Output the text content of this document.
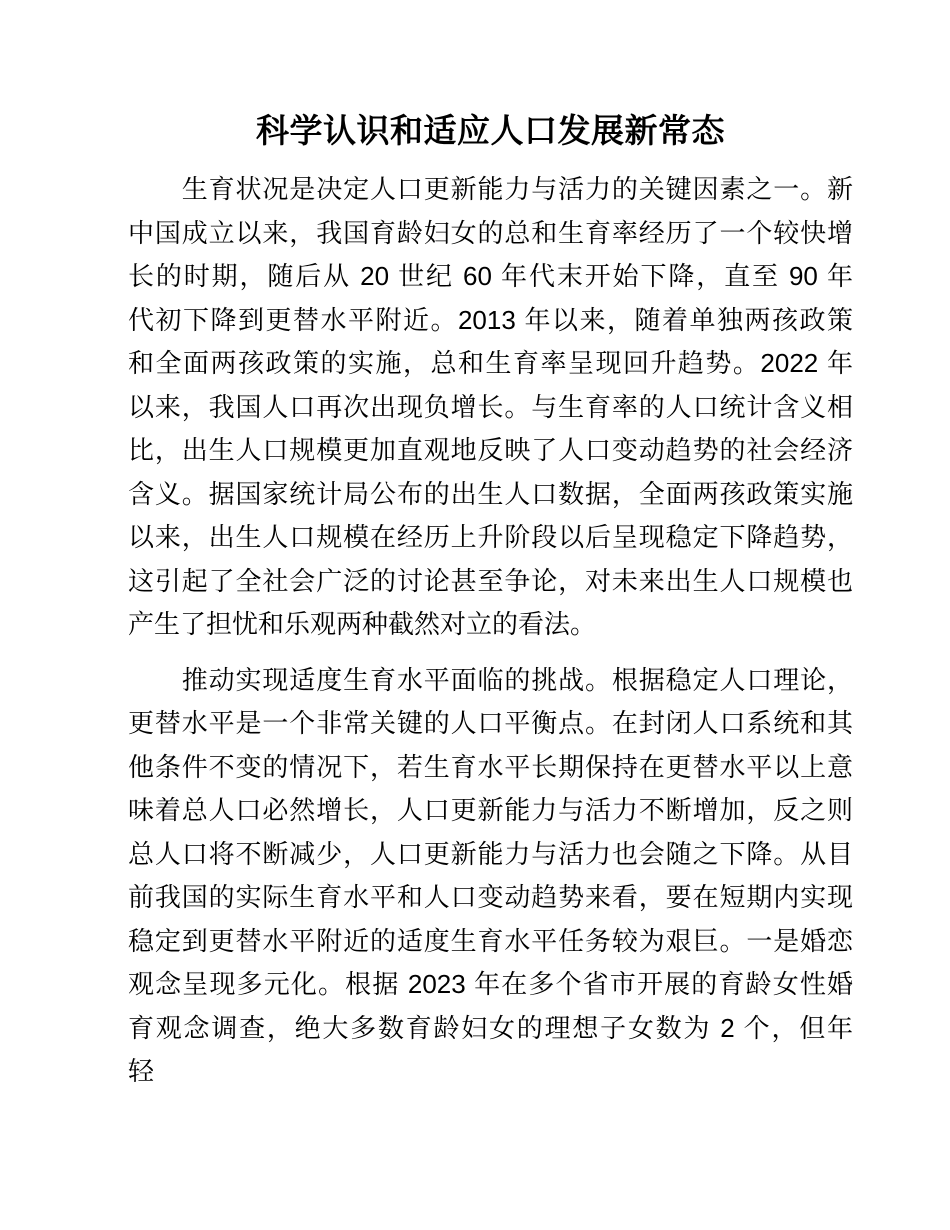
科学认识和适应人口发展新常态
　　生育状况是决定人口更新能力与活力的关键因素之一。新
中国成立以来，我国育龄妇女的总和生育率经历了一个较快增
长的时期，随后从 20 世纪 60 年代末开始下降，直至 90 年
代初下降到更替水平附近。2013 年以来，随着单独两孩政策
和全面两孩政策的实施，总和生育率呈现回升趋势。2022 年
以来，我国人口再次出现负增长。与生育率的人口统计含义相
比，出生人口规模更加直观地反映了人口变动趋势的社会经济
含义。据国家统计局公布的出生人口数据，全面两孩政策实施
以来，出生人口规模在经历上升阶段以后呈现稳定下降趋势，
这引起了全社会广泛的讨论甚至争论，对未来出生人口规模也
产生了担忧和乐观两种截然对立的看法。
　　推动实现适度生育水平面临的挑战。根据稳定人口理论，
更替水平是一个非常关键的人口平衡点。在封闭人口系统和其
他条件不变的情况下，若生育水平长期保持在更替水平以上意
味着总人口必然增长，人口更新能力与活力不断增加，反之则
总人口将不断减少，人口更新能力与活力也会随之下降。从目
前我国的实际生育水平和人口变动趋势来看，要在短期内实现
稳定到更替水平附近的适度生育水平任务较为艰巨。一是婚恋
观念呈现多元化。根据 2023 年在多个省市开展的育龄女性婚
育观念调查，绝大多数育龄妇女的理想子女数为 2 个，但年
轻
